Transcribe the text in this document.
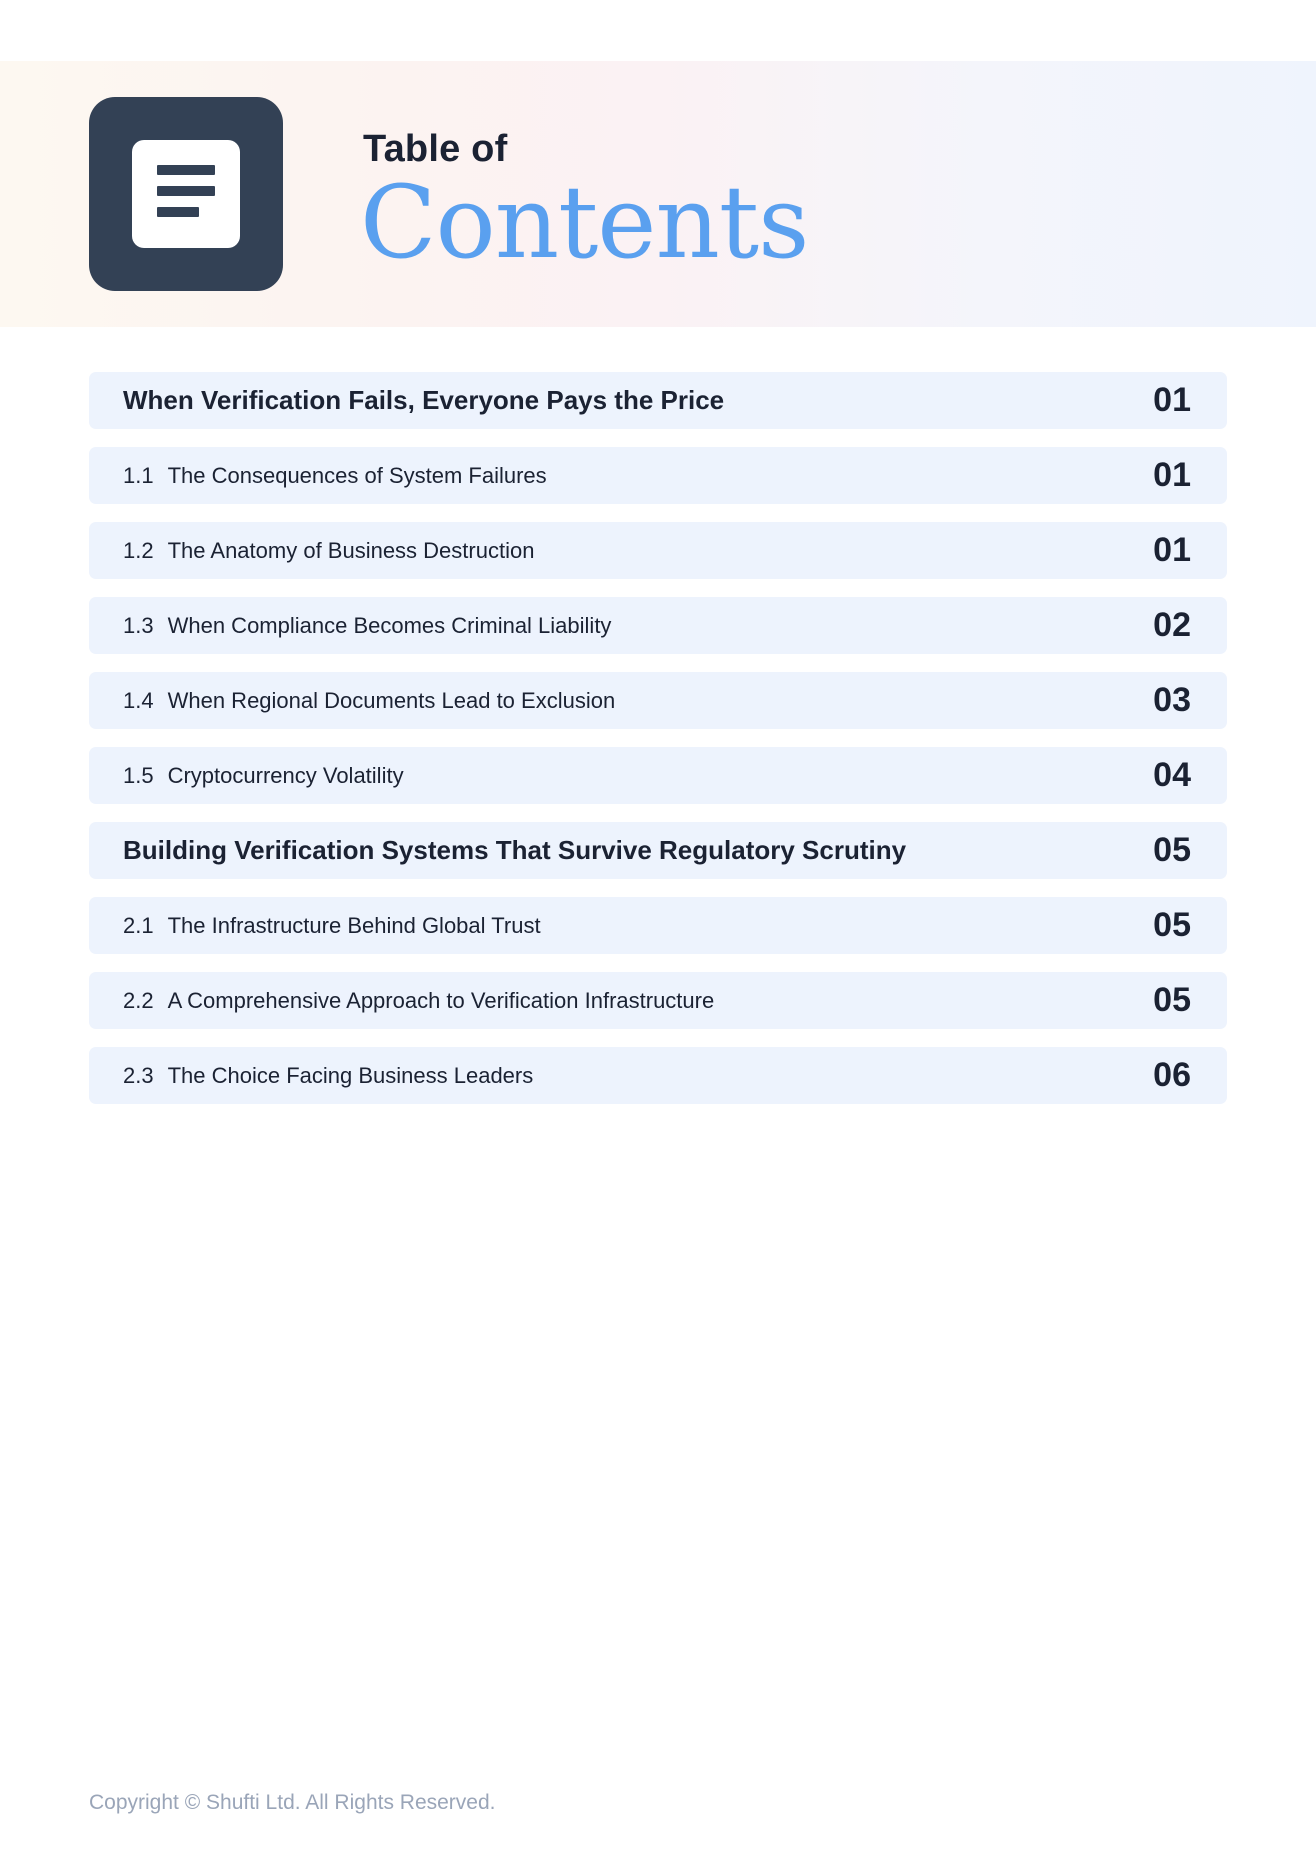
Table of
Contents
When Verification Fails, Everyone Pays the Price	01
1.1 The Consequences of System Failures	01
1.2 The Anatomy of Business Destruction	01
1.3 When Compliance Becomes Criminal Liability	02
1.4 When Regional Documents Lead to Exclusion	03
1.5 Cryptocurrency Volatility	04
Building Verification Systems That Survive Regulatory Scrutiny	05
2.1 The Infrastructure Behind Global Trust	05
2.2 A Comprehensive Approach to Verification Infrastructure	05
2.3 The Choice Facing Business Leaders	06
Copyright © Shufti Ltd. All Rights Reserved.
